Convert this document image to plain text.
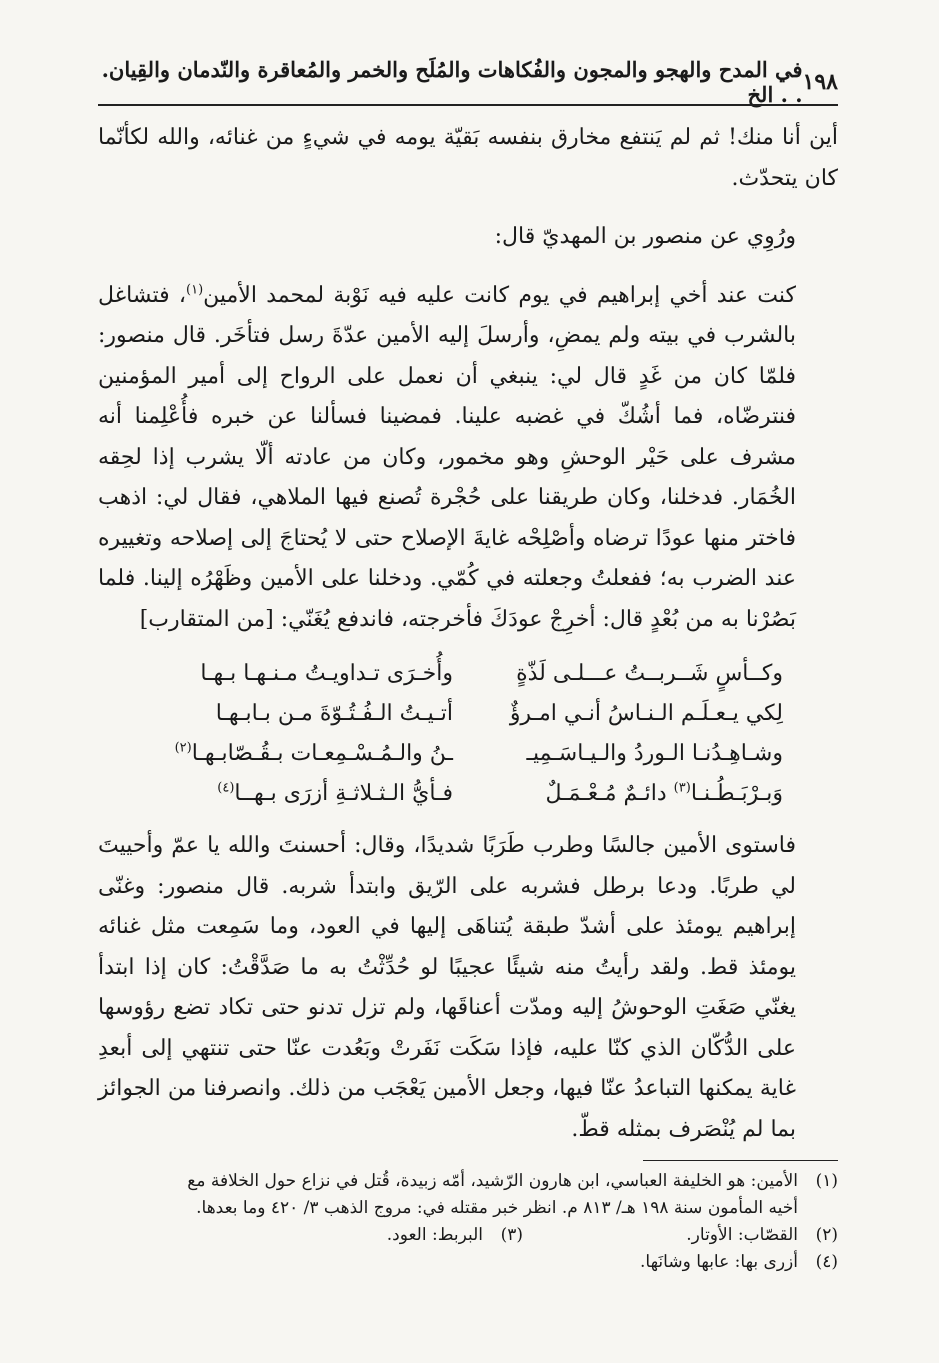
١٩٨
في المدح والهجو والمجون والفُكاهات والمُلَح والخمر والمُعاقرة والنّدمان والقِيان. . . الخ

أين أنا منك! ثم لم يَنتفع مخارق بنفسه بَقيّة يومه في شيءٍ من غنائه، والله لكأنّما كان يتحدّث.

ورُوِي عن منصور بن المهديّ قال:

كنت عند أخي إبراهيم في يوم كانت عليه فيه نَوْبة لمحمد الأمين$^{(١)}$، فتشاغل بالشرب في بيته ولم يمضِ، وأرسلَ إليه الأمين عدّةَ رسل فتأخَر. قال منصور: فلمّا كان من غَدٍ قال لي: ينبغي أن نعمل على الرواح إلى أمير المؤمنين فنترضّاه، فما أشُكّ في غضبه علينا. فمضينا فسألنا عن خبره فأُعْلِمنا أنه مشرف على حَيْر الوحشِ وهو مخمور، وكان من عادته ألّا يشرب إذا لحِقه الخُمَار. فدخلنا، وكان طريقنا على حُجْرة تُصنع فيها الملاهي، فقال لي: اذهب فاختر منها عودًا ترضاه وأصْلِحْه غايةَ الإصلاح حتى لا يُحتاجَ إلى إصلاحه وتغييره عند الضرب به؛ ففعلتُ وجعلته في كُمّي. ودخلنا على الأمين وظَهْرُه إلينا. فلما بَصُرْنا به من بُعْدٍ قال: أخرِجْ عودَكَ فأخرجته، فاندفع يُغَنّي: [من المتقارب]

وكــأسٍ شَــربــتُ عـــلـى لَذّةٍ
وأُخـرَى تـداويـتُ مـنـهـا بـهـا
لِكي يـعـلَـم الـنـاسُ أنـي امـرؤٌ
أتـيـتُ الـفُـتُـوّةَ مـن بـابـهـا
وشـاهِـدُنـا الـوردُ والـيـاسَـمِيـ
ـنُ والـمُـسْـمِعـات بـقُـصّابـهـا$^{(٢)}$
وَبـرْبَـطُـنـا$^{(٣)}$ دائـمٌ مُـعْـمَـلٌ
فـأيُّ الـثـلاثـةِ أزرَى بـهــا$^{(٤)}$

فاستوى الأمين جالسًا وطرب طَرَبًا شديدًا، وقال: أحسنتَ والله يا عمّ وأحييتَ لي طربًا. ودعا برطل فشربه على الرّيق وابتدأ شربه. قال منصور: وغنّى إبراهيم يومئذ على أشدّ طبقة يُتناهَى إليها في العود، وما سَمِعت مثل غنائه يومئذ قط. ولقد رأيتُ منه شيئًا عجيبًا لو حُدِّثْتُ به ما صَدَّقْتُ: كان إذا ابتدأ يغنّي صَغَتِ الوحوشُ إليه ومدّت أعناقَها، ولم تزل تدنو حتى تكاد تضع رؤوسها على الدُّكّان الذي كنّا عليه، فإذا سَكَت نَفَرتْ وبَعُدت عنّا حتى تنتهي إلى أبعدِ غاية يمكنها التباعدُ عنّا فيها، وجعل الأمين يَعْجَب من ذلك. وانصرفنا من الجوائز بما لم يُنْصَرف بمثله قطّ.

(١)
الأمين: هو الخليفة العباسي، ابن هارون الرّشيد، أمّه زبيدة، قُتل في نزاع حول الخلافة مع
أخيه المأمون سنة ١٩٨ هـ/ ٨١٣ م. انظر خبر مقتله في: مروج الذهب ٣/ ٤٢٠ وما بعدها.
(٢)
القصّاب: الأوتار.
(٣)
البربط: العود.
(٤)
أزرى بها: عابها وشانَها.
